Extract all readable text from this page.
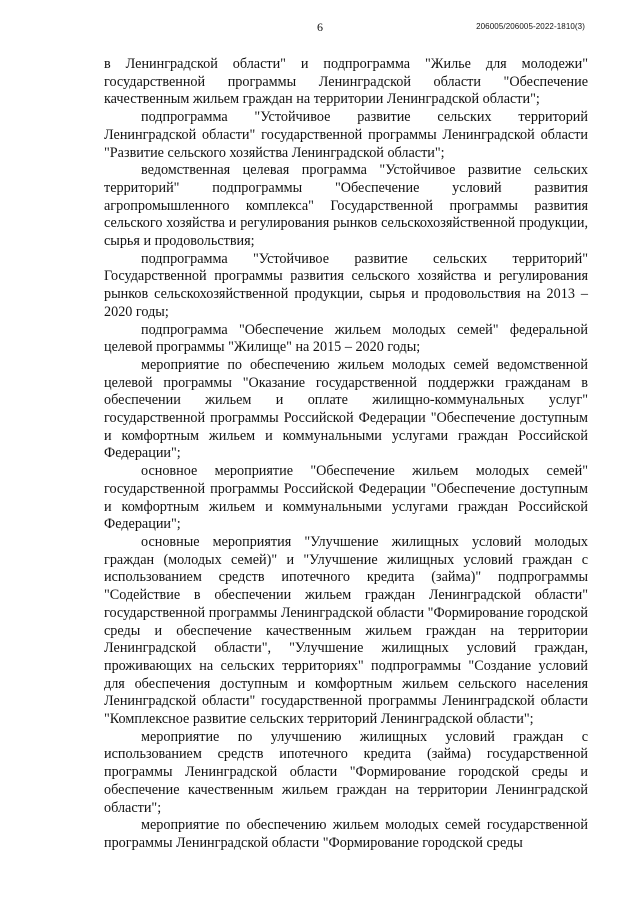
6	206005/206005-2022-1810(3)

в Ленинградской области" и подпрограмма "Жилье для молодежи" государственной программы Ленинградской области "Обеспечение качественным жильем граждан на территории Ленинградской области";

подпрограмма "Устойчивое развитие сельских территорий Ленинградской области" государственной программы Ленинградской области "Развитие сельского хозяйства Ленинградской области";

ведомственная целевая программа "Устойчивое развитие сельских территорий" подпрограммы "Обеспечение условий развития агропромышленного комплекса" Государственной программы развития сельского хозяйства и регулирования рынков сельскохозяйственной продукции, сырья и продовольствия;

подпрограмма "Устойчивое развитие сельских территорий" Государственной программы развития сельского хозяйства и регулирования рынков сельскохозяйственной продукции, сырья и продовольствия на 2013 – 2020 годы;

подпрограмма "Обеспечение жильем молодых семей" федеральной целевой программы "Жилище" на 2015 – 2020 годы;

мероприятие по обеспечению жильем молодых семей ведомственной целевой программы "Оказание государственной поддержки гражданам в обеспечении жильем и оплате жилищно-коммунальных услуг" государственной программы Российской Федерации "Обеспечение доступным и комфортным жильем и коммунальными услугами граждан Российской Федерации";

основное мероприятие "Обеспечение жильем молодых семей" государственной программы Российской Федерации "Обеспечение доступным и комфортным жильем и коммунальными услугами граждан Российской Федерации";

основные мероприятия "Улучшение жилищных условий молодых граждан (молодых семей)" и "Улучшение жилищных условий граждан с использованием средств ипотечного кредита (займа)" подпрограммы "Содействие в обеспечении жильем граждан Ленинградской области" государственной программы Ленинградской области "Формирование городской среды и обеспечение качественным жильем граждан на территории Ленинградской области", "Улучшение жилищных условий граждан, проживающих на сельских территориях" подпрограммы "Создание условий для обеспечения доступным и комфортным жильем сельского населения Ленинградской области" государственной программы Ленинградской области "Комплексное развитие сельских территорий Ленинградской области";

мероприятие по улучшению жилищных условий граждан с использованием средств ипотечного кредита (займа) государственной программы Ленинградской области "Формирование городской среды и обеспечение качественным жильем граждан на территории Ленинградской области";

мероприятие по обеспечению жильем молодых семей государственной программы Ленинградской области "Формирование городской среды
